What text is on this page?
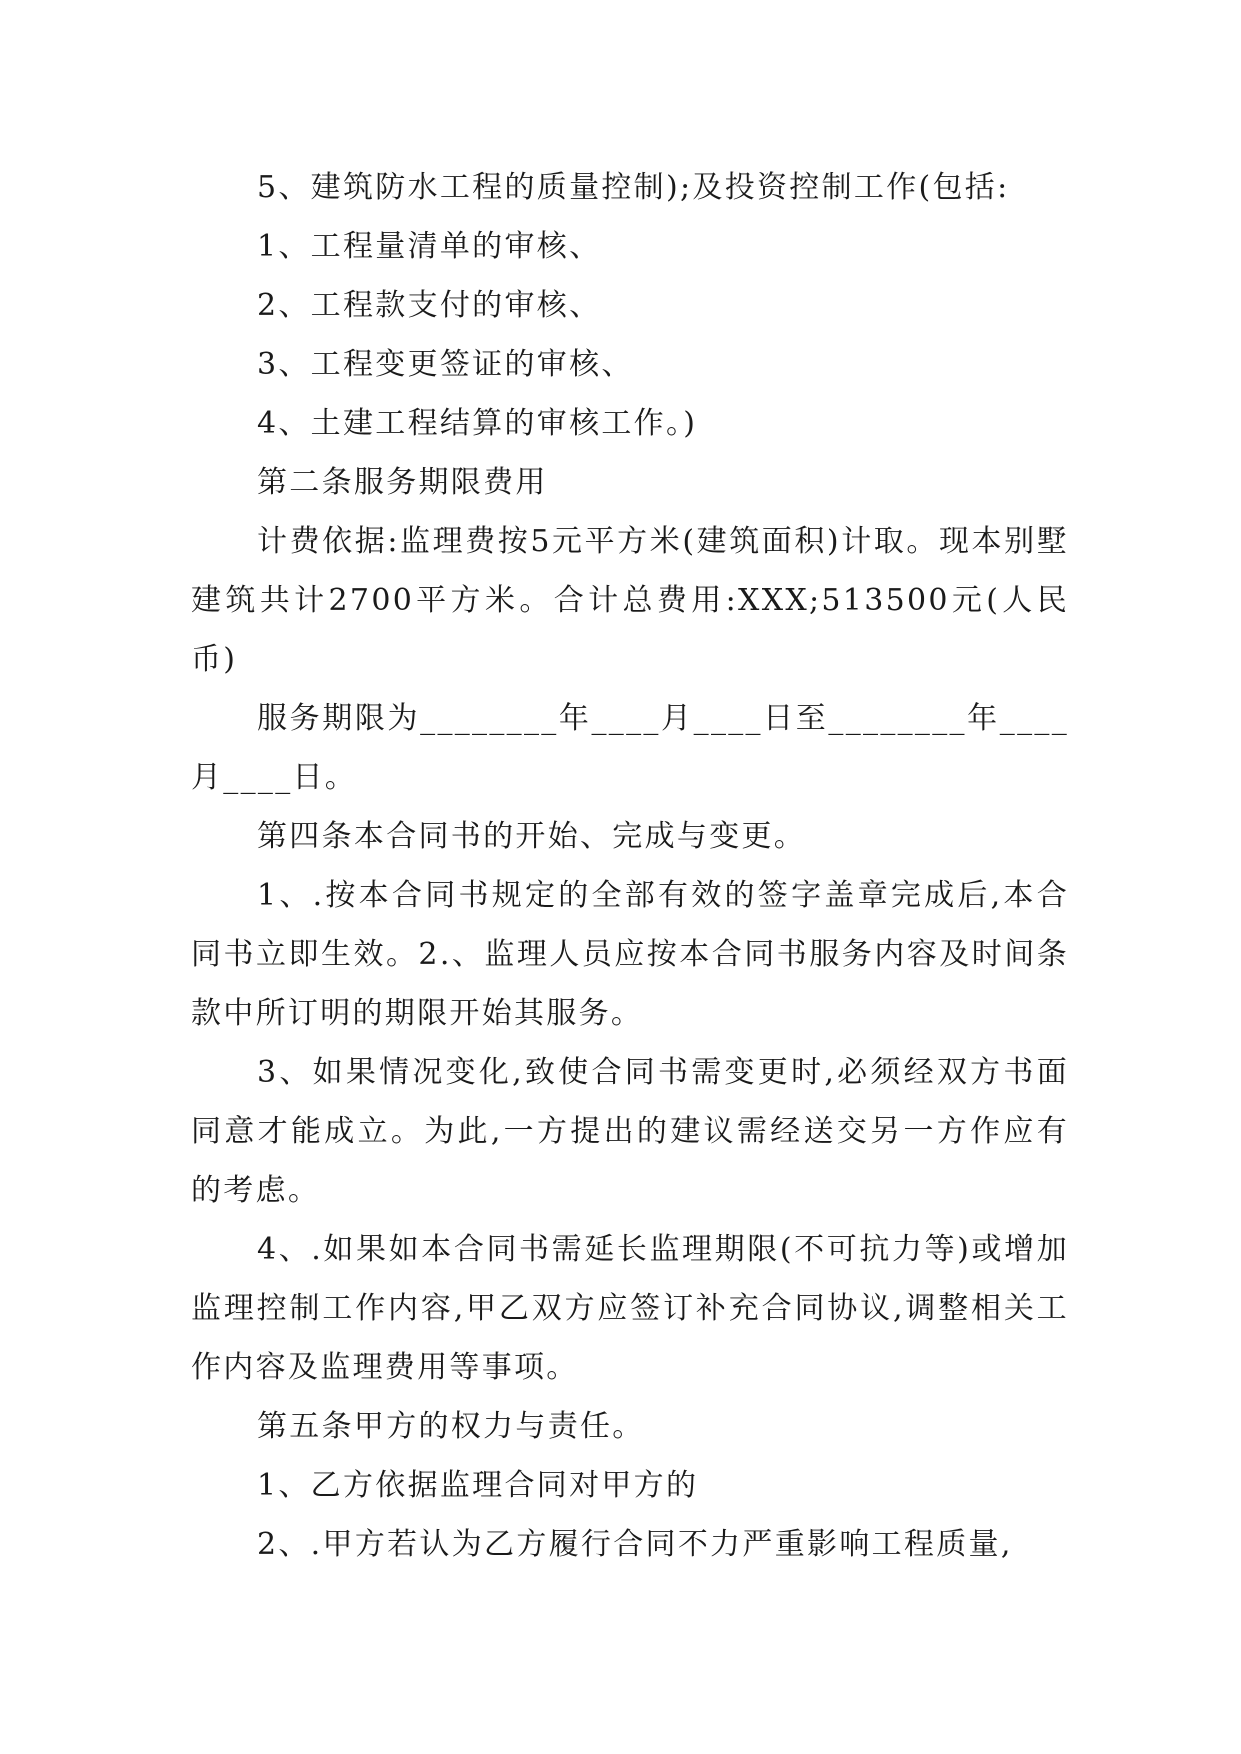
5、建筑防水工程的质量控制);及投资控制工作(包括:

1、工程量清单的审核、

2、工程款支付的审核、

3、工程变更签证的审核、

4、土建工程结算的审核工作。)

第二条服务期限费用

计费依据:监理费按5元平方米(建筑面积)计取。现本别墅建筑共计2700平方米。合计总费用:XXX;513500元(人民币)

服务期限为________年____月____日至________年____月____日。

第四条本合同书的开始、完成与变更。

1、.按本合同书规定的全部有效的签字盖章完成后,本合同书立即生效。2.、监理人员应按本合同书服务内容及时间条款中所订明的期限开始其服务。

3、如果情况变化,致使合同书需变更时,必须经双方书面同意才能成立。为此,一方提出的建议需经送交另一方作应有的考虑。

4、.如果如本合同书需延长监理期限(不可抗力等)或增加监理控制工作内容,甲乙双方应签订补充合同协议,调整相关工作内容及监理费用等事项。

第五条甲方的权力与责任。

1、乙方依据监理合同对甲方的

2、.甲方若认为乙方履行合同不力严重影响工程质量,
